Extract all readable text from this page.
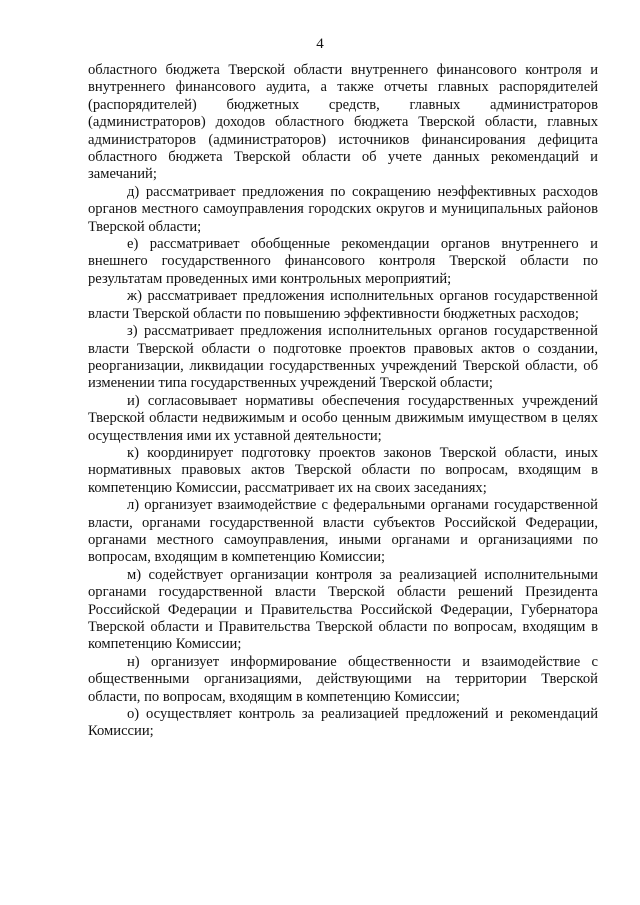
4

областного бюджета Тверской области внутреннего финансового контроля и внутреннего финансового аудита, а также отчеты главных распорядителей (распорядителей) бюджетных средств, главных администраторов (администраторов) доходов областного бюджета Тверской области, главных администраторов (администраторов) источников финансирования дефицита областного бюджета Тверской области об учете данных рекомендаций и замечаний;

д) рассматривает предложения по сокращению неэффективных расходов органов местного самоуправления городских округов и муниципальных районов Тверской области;

е) рассматривает обобщенные рекомендации органов внутреннего и внешнего государственного финансового контроля Тверской области по результатам проведенных ими контрольных мероприятий;

ж) рассматривает предложения исполнительных органов государственной власти Тверской области по повышению эффективности бюджетных расходов;

з) рассматривает предложения исполнительных органов государственной власти Тверской области о подготовке проектов правовых актов о создании, реорганизации, ликвидации государственных учреждений Тверской области, об изменении типа государственных учреждений Тверской области;

и) согласовывает нормативы обеспечения государственных учреждений Тверской области недвижимым и особо ценным движимым имуществом в целях осуществления ими их уставной деятельности;

к) координирует подготовку проектов законов Тверской области, иных нормативных правовых актов Тверской области по вопросам, входящим в компетенцию Комиссии, рассматривает их на своих заседаниях;

л) организует взаимодействие с федеральными органами государственной власти, органами государственной власти субъектов Российской Федерации, органами местного самоуправления, иными органами и организациями по вопросам, входящим в компетенцию Комиссии;

м) содействует организации контроля за реализацией исполнительными органами государственной власти Тверской области решений Президента Российской Федерации и Правительства Российской Федерации, Губернатора Тверской области и Правительства Тверской области по вопросам, входящим в компетенцию Комиссии;

н) организует информирование общественности и взаимодействие с общественными организациями, действующими на территории Тверской области, по вопросам, входящим в компетенцию Комиссии;

о) осуществляет контроль за реализацией предложений и рекомендаций Комиссии;
